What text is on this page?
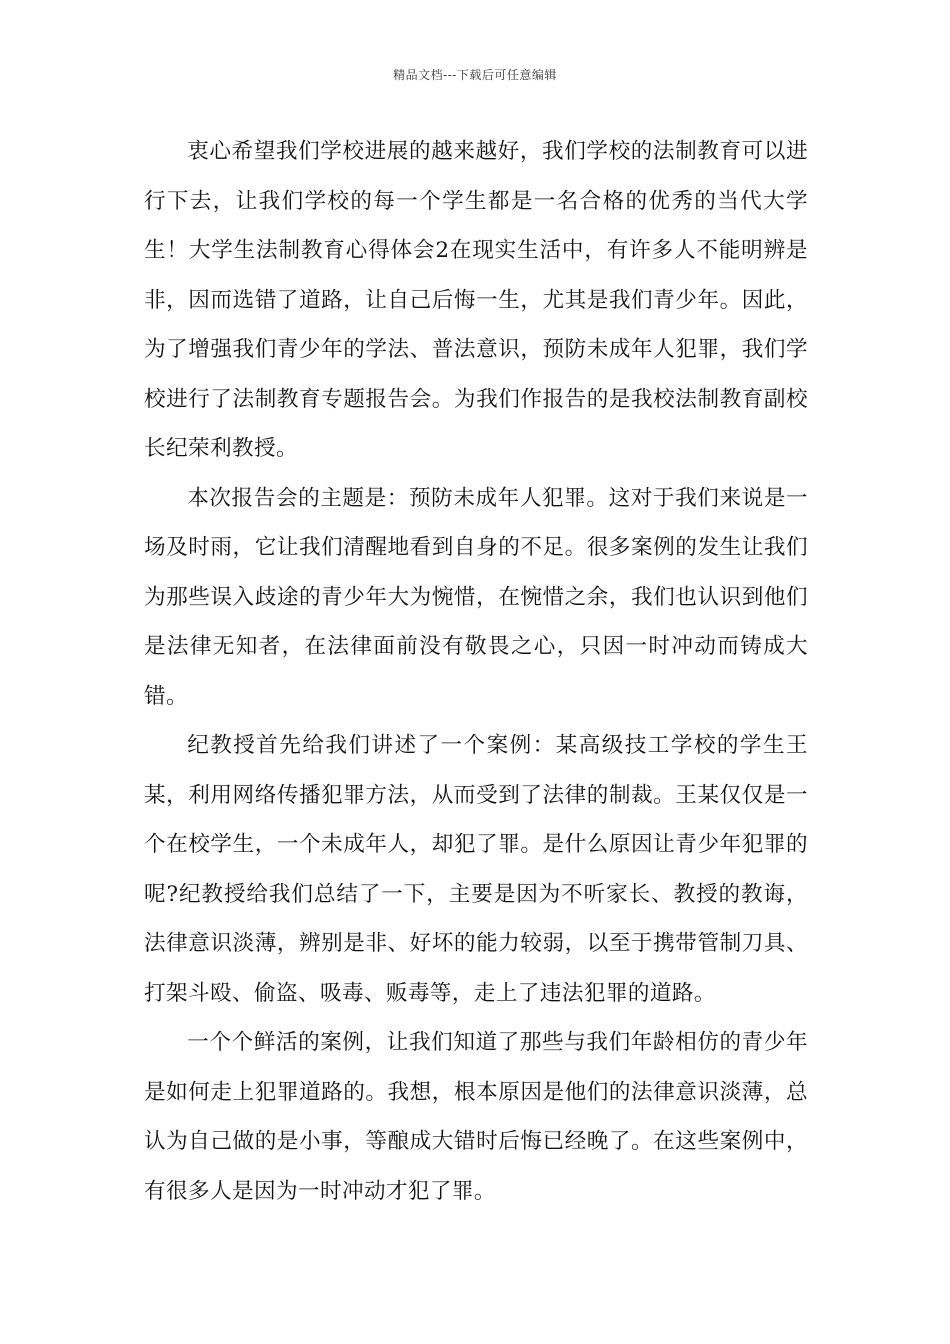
精品文档---下载后可任意编辑

衷心希望我们学校进展的越来越好，我们学校的法制教育可以进行下去，让我们学校的每一个学生都是一名合格的优秀的当代大学生！大学生法制教育心得体会2在现实生活中，有许多人不能明辨是非，因而选错了道路，让自己后悔一生，尤其是我们青少年。因此，为了增强我们青少年的学法、普法意识，预防未成年人犯罪，我们学校进行了法制教育专题报告会。为我们作报告的是我校法制教育副校长纪荣利教授。

本次报告会的主题是：预防未成年人犯罪。这对于我们来说是一场及时雨，它让我们清醒地看到自身的不足。很多案例的发生让我们为那些误入歧途的青少年大为惋惜，在惋惜之余，我们也认识到他们是法律无知者，在法律面前没有敬畏之心，只因一时冲动而铸成大错。

纪教授首先给我们讲述了一个案例：某高级技工学校的学生王某，利用网络传播犯罪方法，从而受到了法律的制裁。王某仅仅是一个在校学生，一个未成年人，却犯了罪。是什么原因让青少年犯罪的呢?纪教授给我们总结了一下，主要是因为不听家长、教授的教诲，法律意识淡薄，辨别是非、好坏的能力较弱，以至于携带管制刀具、打架斗殴、偷盗、吸毒、贩毒等，走上了违法犯罪的道路。

一个个鲜活的案例，让我们知道了那些与我们年龄相仿的青少年是如何走上犯罪道路的。我想，根本原因是他们的法律意识淡薄，总认为自己做的是小事，等酿成大错时后悔已经晚了。在这些案例中，有很多人是因为一时冲动才犯了罪。
